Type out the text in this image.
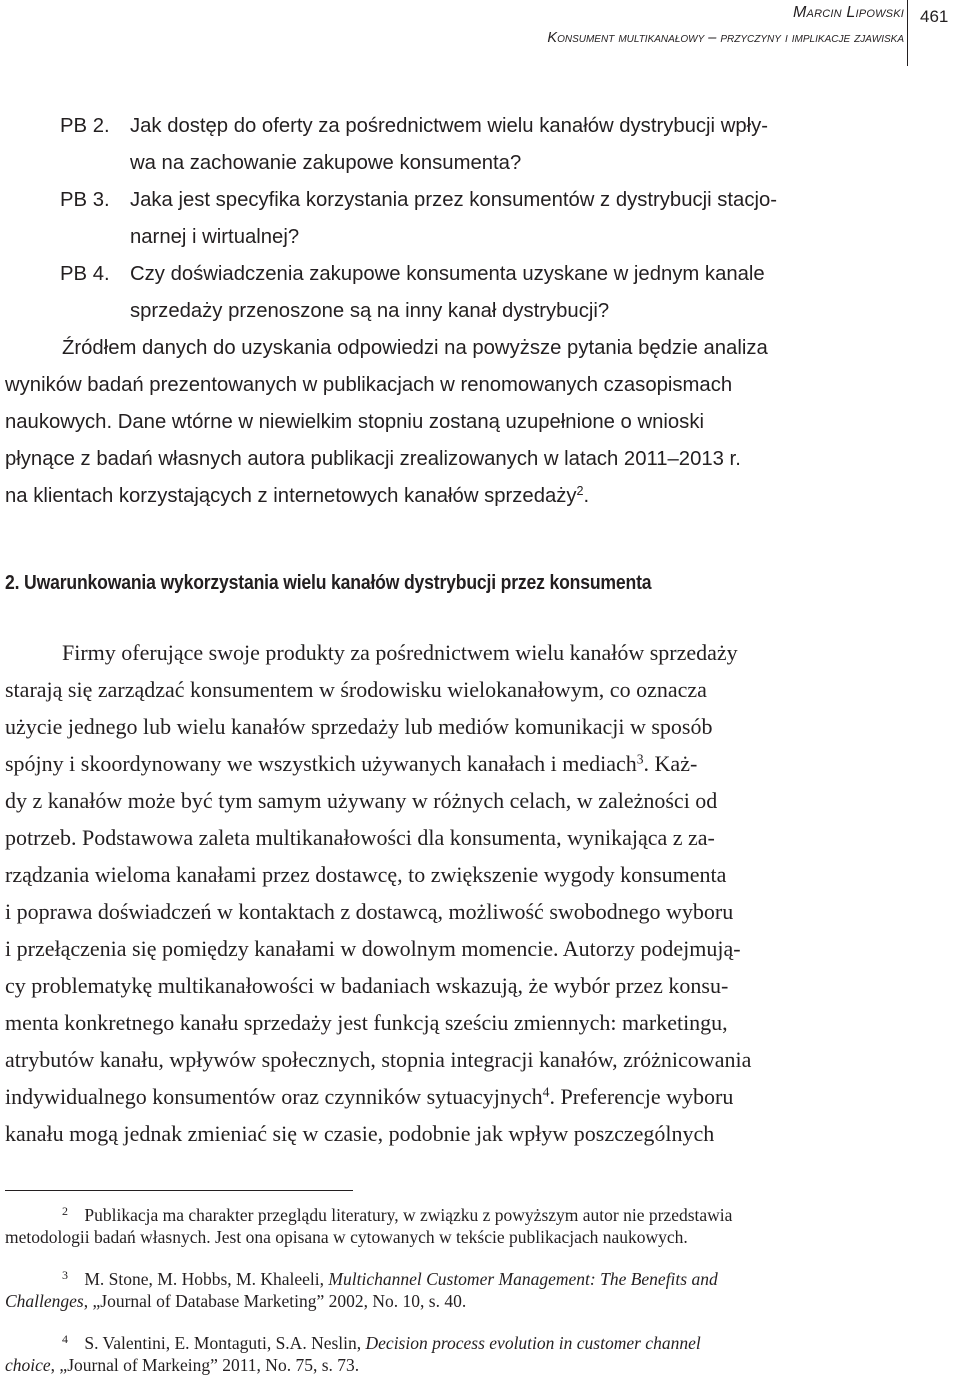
Marcin Lipowski
Konsument multikanałowy – przyczyny i implikacje zjawiska
461
PB 2. Jak dostęp do oferty za pośrednictwem wielu kanałów dystrybucji wpły-
wa na zachowanie zakupowe konsumenta?
PB 3. Jaka jest specyfika korzystania przez konsumentów z dystrybucji stacjo-
narnej i wirtualnej?
PB 4. Czy doświadczenia zakupowe konsumenta uzyskane w jednym kanale
sprzedaży przenoszone są na inny kanał dystrybucji?
Źródłem danych do uzyskania odpowiedzi na powyższe pytania będzie analiza
wyników badań prezentowanych w publikacjach w renomowanych czasopismach
naukowych. Dane wtórne w niewielkim stopniu zostaną uzupełnione o wnioski
płynące z badań własnych autora publikacji zrealizowanych w latach 2011–2013 r.
na klientach korzystających z internetowych kanałów sprzedaży$^2$.
2. Uwarunkowania wykorzystania wielu kanałów dystrybucji przez konsumenta
Firmy oferujące swoje produkty za pośrednictwem wielu kanałów sprzedaży
starają się zarządzać konsumentem w środowisku wielokanałowym, co oznacza
użycie jednego lub wielu kanałów sprzedaży lub mediów komunikacji w sposób
spójny i skoordynowany we wszystkich używanych kanałach i mediach$^3$. Każ-
dy z kanałów może być tym samym używany w różnych celach, w zależności od
potrzeb. Podstawowa zaleta multikanałowości dla konsumenta, wynikająca z za-
rządzania wieloma kanałami przez dostawcę, to zwiększenie wygody konsumenta
i poprawa doświadczeń w kontaktach z dostawcą, możliwość swobodnego wyboru
i przełączenia się pomiędzy kanałami w dowolnym momencie. Autorzy podejmują-
cy problematykę multikanałowości w badaniach wskazują, że wybór przez konsu-
menta konkretnego kanału sprzedaży jest funkcją sześciu zmiennych: marketingu,
atrybutów kanału, wpływów społecznych, stopnia integracji kanałów, zróżnicowania
indywidualnego konsumentów oraz czynników sytuacyjnych$^4$. Preferencje wyboru
kanału mogą jednak zmieniać się w czasie, podobnie jak wpływ poszczególnych
$^2$ Publikacja ma charakter przeglądu literatury, w związku z powyższym autor nie przedstawia
metodologii badań własnych. Jest ona opisana w cytowanych w tekście publikacjach naukowych.
$^3$ M. Stone, M. Hobbs, M. Khaleeli, Multichannel Customer Management: The Benefits and
Challenges, „Journal of Database Marketing” 2002, No. 10, s. 40.
$^4$ S. Valentini, E. Montaguti, S.A. Neslin, Decision process evolution in customer channel
choice, „Journal of Markeing” 2011, No. 75, s. 73.
